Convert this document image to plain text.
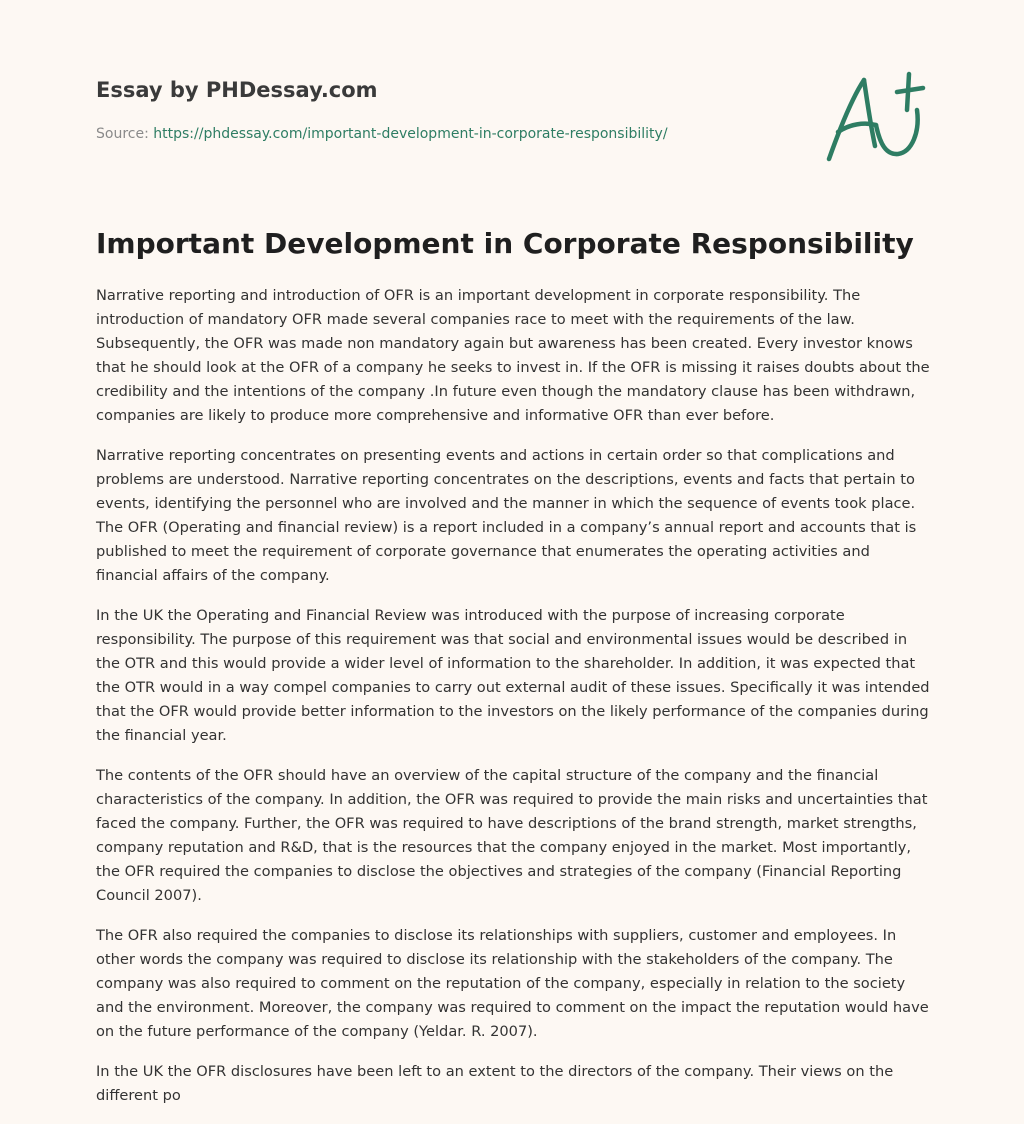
Essay by PHDessay.com
Source: https://phdessay.com/important-development-in-corporate-responsibility/
Important Development in Corporate Responsibility

Narrative reporting and introduction of OFR is an important development in corporate responsibility. The introduction of mandatory OFR made several companies race to meet with the requirements of the law. Subsequently, the OFR was made non mandatory again but awareness has been created. Every investor knows that he should look at the OFR of a company he seeks to invest in. If the OFR is missing it raises doubts about the credibility and the intentions of the company .In future even though the mandatory clause has been withdrawn, companies are likely to produce more comprehensive and informative OFR than ever before.

Narrative reporting concentrates on presenting events and actions in certain order so that complications and problems are understood. Narrative reporting concentrates on the descriptions, events and facts that pertain to events, identifying the personnel who are involved and the manner in which the sequence of events took place. The OFR (Operating and financial review) is a report included in a company’s annual report and accounts that is published to meet the requirement of corporate governance that enumerates the operating activities and financial affairs of the company.

In the UK the Operating and Financial Review was introduced with the purpose of increasing corporate responsibility. The purpose of this requirement was that social and environmental issues would be described in the OTR and this would provide a wider level of information to the shareholder. In addition, it was expected that the OTR would in a way compel companies to carry out external audit of these issues. Specifically it was intended that the OFR would provide better information to the investors on the likely performance of the companies during the financial year.

The contents of the OFR should have an overview of the capital structure of the company and the financial characteristics of the company. In addition, the OFR was required to provide the main risks and uncertainties that faced the company. Further, the OFR was required to have descriptions of the brand strength, market strengths, company reputation and R&D, that is the resources that the company enjoyed in the market. Most importantly, the OFR required the companies to disclose the objectives and strategies of the company (Financial Reporting Council 2007).

The OFR also required the companies to disclose its relationships with suppliers, customer and employees. In other words the company was required to disclose its relationship with the stakeholders of the company. The company was also required to comment on the reputation of the company, especially in relation to the society and the environment. Moreover, the company was required to comment on the impact the reputation would have on the future performance of the company (Yeldar. R. 2007).

In the UK the OFR disclosures have been left to an extent to the directors of the company. Their views on the different po
